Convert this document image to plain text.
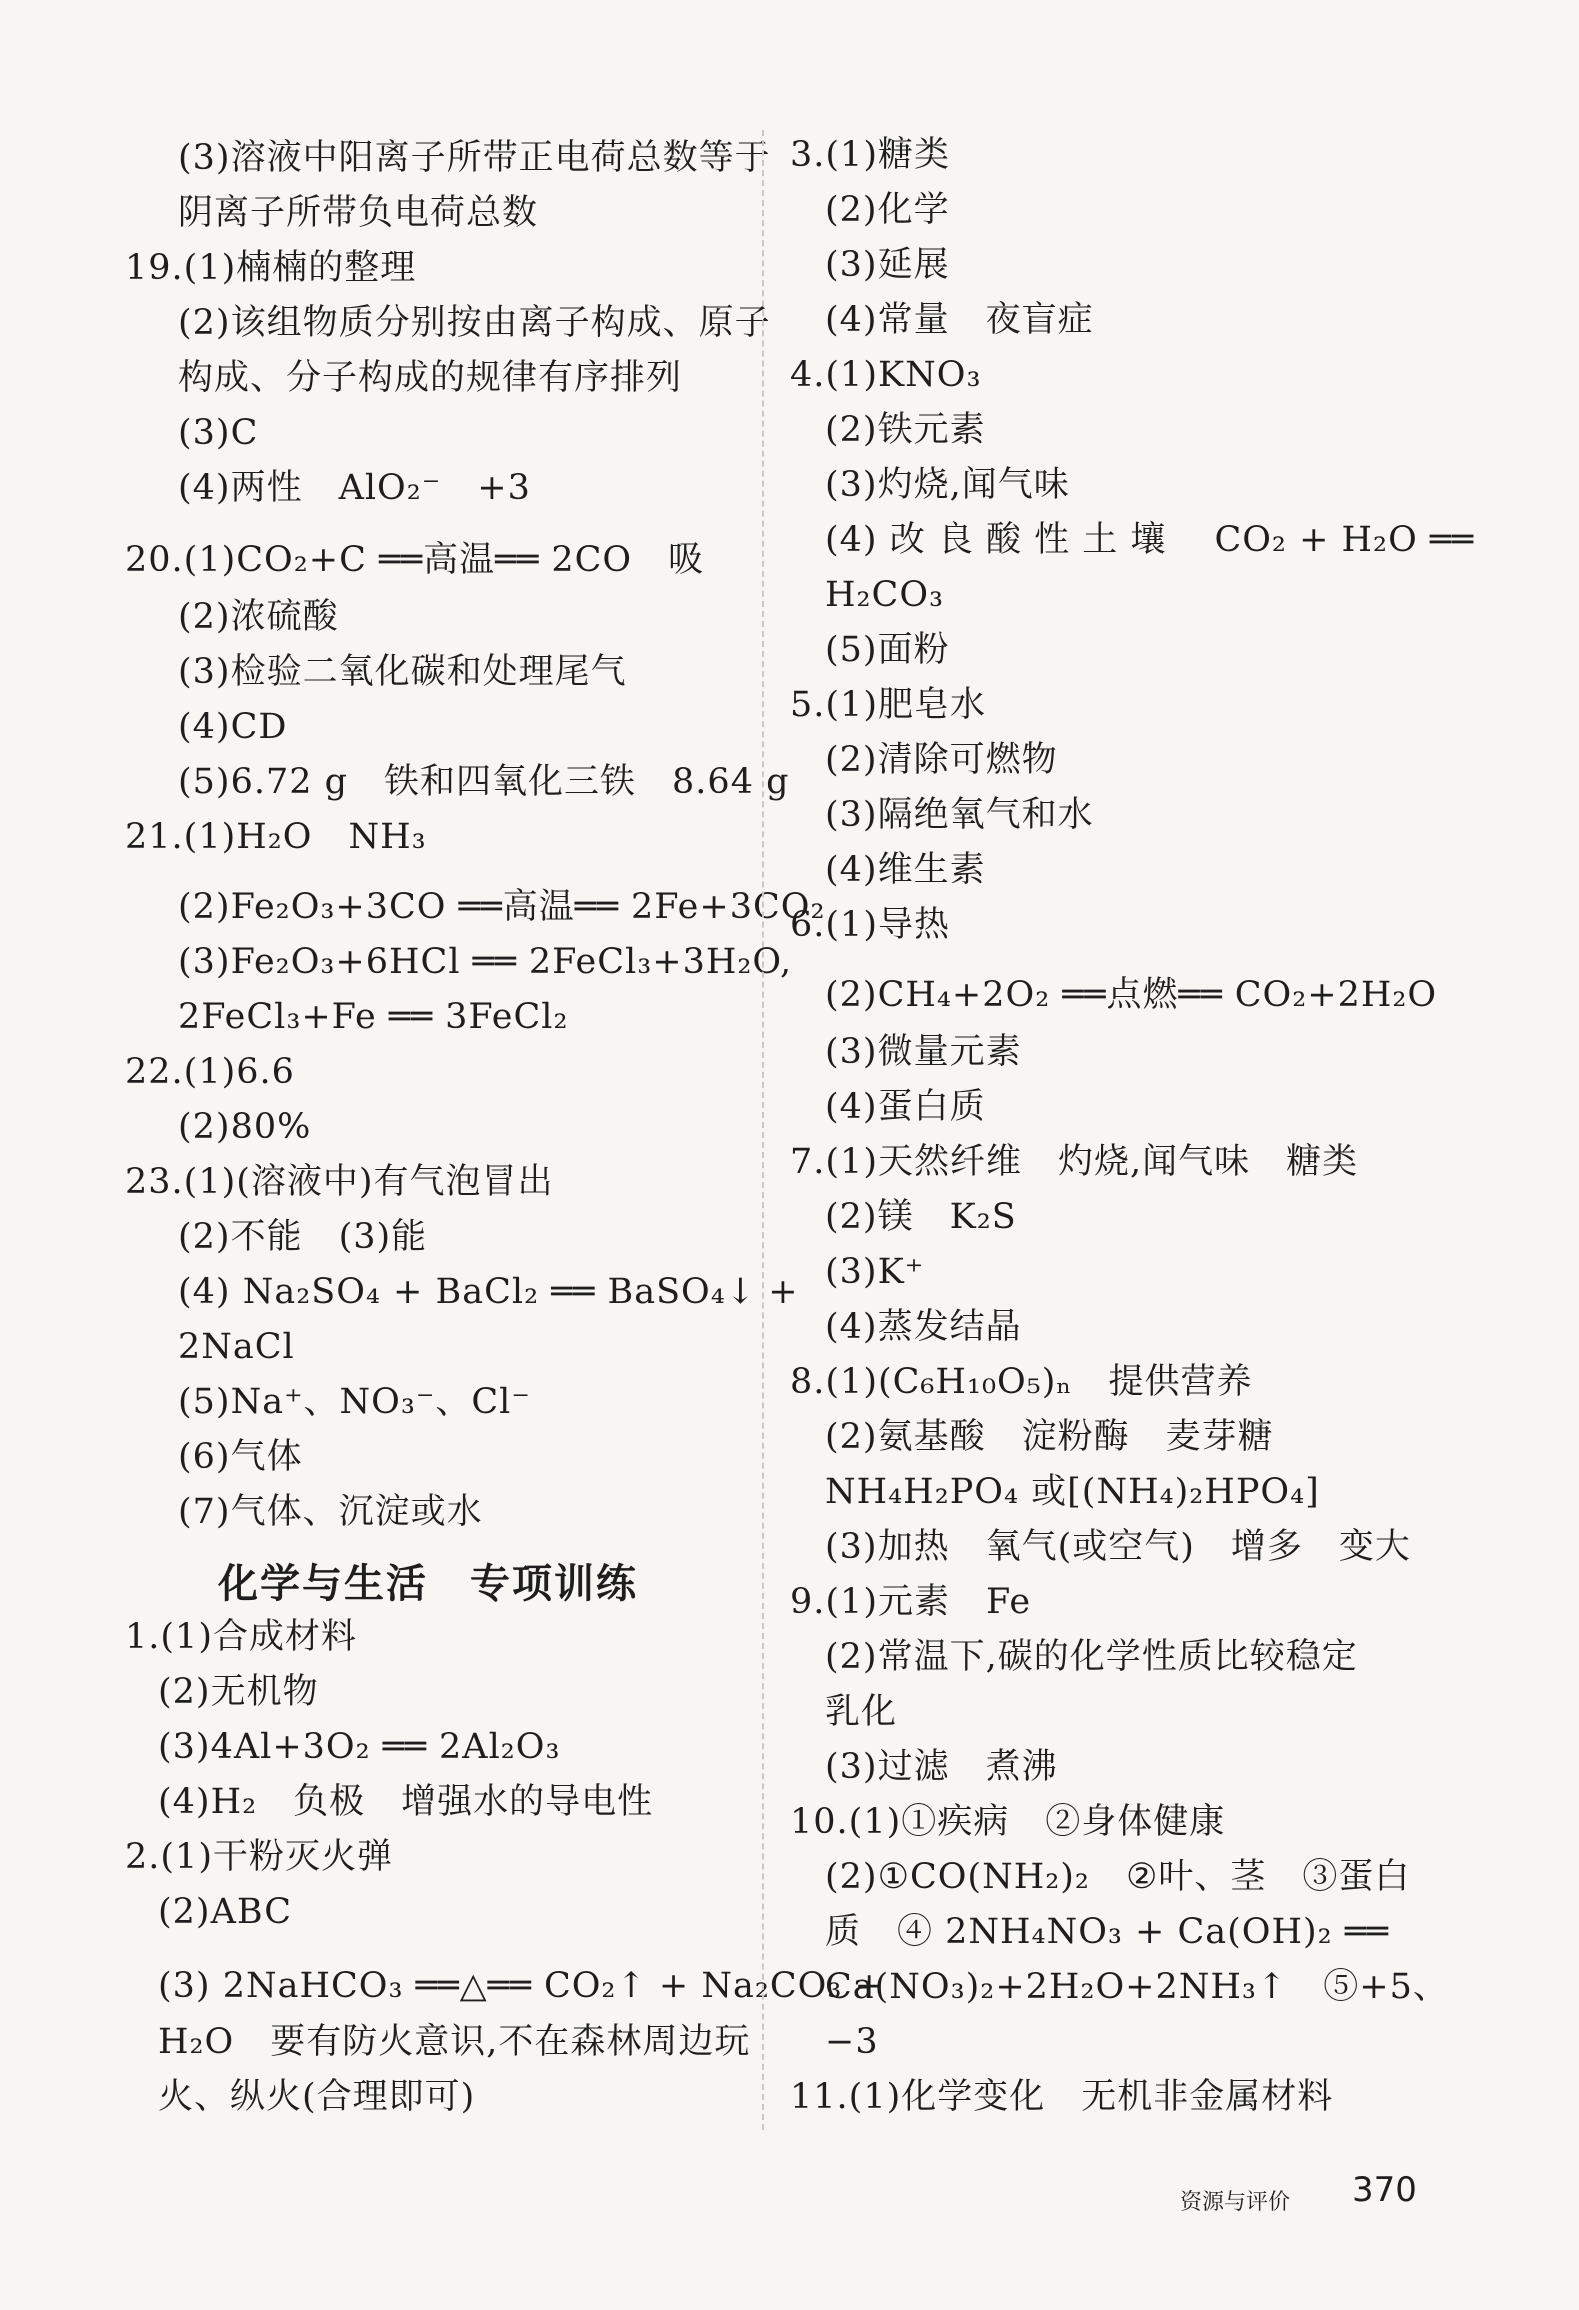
(3)溶液中阳离子所带正电荷总数等于
阴离子所带负电荷总数
19.(1)楠楠的整理
(2)该组物质分别按由离子构成、原子
构成、分子构成的规律有序排列
(3)C
(4)两性　AlO₂⁻　+3
20.(1)CO₂+C ══高温══ 2CO　吸
(2)浓硫酸
(3)检验二氧化碳和处理尾气
(4)CD
(5)6.72 g　铁和四氧化三铁　8.64 g
21.(1)H₂O　NH₃
(2)Fe₂O₃+3CO ══高温══ 2Fe+3CO₂
(3)Fe₂O₃+6HCl ══ 2FeCl₃+3H₂O,
2FeCl₃+Fe ══ 3FeCl₂
22.(1)6.6
(2)80%
23.(1)(溶液中)有气泡冒出
(2)不能　(3)能
(4) Na₂SO₄ + BaCl₂ ══ BaSO₄↓ +
2NaCl
(5)Na⁺、NO₃⁻、Cl⁻
(6)气体
(7)气体、沉淀或水
1.(1)合成材料
(2)无机物
(3)4Al+3O₂ ══ 2Al₂O₃
(4)H₂　负极　增强水的导电性
2.(1)干粉灭火弹
(2)ABC
(3) 2NaHCO₃ ══△══ CO₂↑ + Na₂CO₃ +
H₂O　要有防火意识,不在森林周边玩
火、纵火(合理即可)
化学与生活　专项训练
3.(1)糖类
(2)化学
(3)延展
(4)常量　夜盲症
4.(1)KNO₃
(2)铁元素
(3)灼烧,闻气味
(4) 改 良 酸 性 土 壤　 CO₂ + H₂O ══
H₂CO₃
(5)面粉
5.(1)肥皂水
(2)清除可燃物
(3)隔绝氧气和水
(4)维生素
6.(1)导热
(2)CH₄+2O₂ ══点燃══ CO₂+2H₂O
(3)微量元素
(4)蛋白质
7.(1)天然纤维　灼烧,闻气味　糖类
(2)镁　K₂S
(3)K⁺
(4)蒸发结晶
8.(1)(C₆H₁₀O₅)ₙ　提供营养
(2)氨基酸　淀粉酶　麦芽糖
NH₄H₂PO₄ 或[(NH₄)₂HPO₄]
(3)加热　氧气(或空气)　增多　变大
9.(1)元素　Fe
(2)常温下,碳的化学性质比较稳定
乳化
(3)过滤　煮沸
10.(1)①疾病　②身体健康
(2)①CO(NH₂)₂　②叶、茎　③蛋白
质　④ 2NH₄NO₃ + Ca(OH)₂ ══
Ca(NO₃)₂+2H₂O+2NH₃↑　⑤+5、
−3
11.(1)化学变化　无机非金属材料
资源与评价 370
